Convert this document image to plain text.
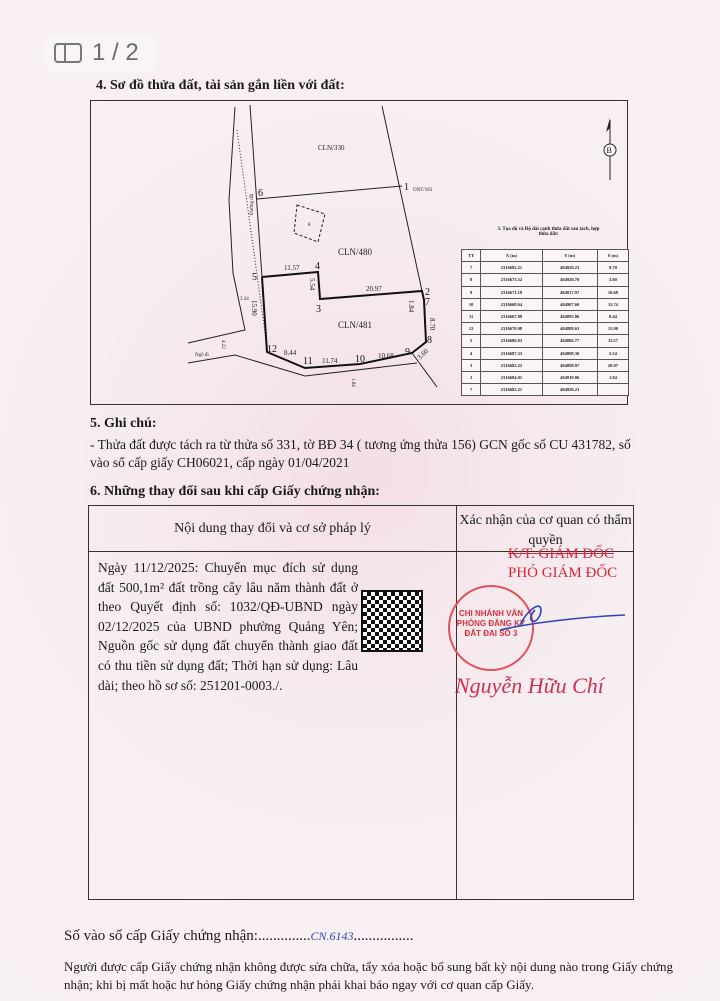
1 / 2
4. Sơ đồ thửa đất, tài sản gắn liền với đất:
6
1
4
5
3
2
7
8
9
10
11
12
CLN/330
CLN/480
CLN/481
ONT/183
8
Đường đất
Ngõ đi
11.57
5.54	20.97
1.84
8.70
3.60
10.68
11.74
8.44
15.90
3.34
4.22
1.84
B
3. Tọa độ và Độ dài cạnh thửa đất sau tách, hợp thửa đất:
TT	X (m)	Y (m)	S (m)
7	2316682.21	404920.23	8.70
8	2316673.52	404920.70	3.60
9	2316671.18	404917.97	10.68
10	2316668.64	404907.60	11.74
11	2316667.88	404895.86	8.44
12	2316670.98	404888.63	15.90
5	2316686.83	404886.77	11.57
4	2316687.33	404898.30	5.54
3	2316682.22	404898.97	20.97
2	2316684.01	404919.86	1.84
7	2316682.21	404920.23	
5. Ghi chú:
- Thửa đất được tách ra từ thửa số 331, tờ BĐ 34 ( tương ứng thửa 156) GCN gốc số CU 431782, số vào sổ cấp giấy CH06021, cấp ngày 01/04/2021
6. Những thay đổi sau khi cấp Giấy chứng nhận:
Nội dung thay đổi và cơ sở pháp lý
Xác nhận của cơ quan có thẩm quyền
Ngày 11/12/2025: Chuyển mục đích sử dụng đất 500,1m² đất trồng cây lâu năm thành đất ở theo Quyết định số: 1032/QĐ-UBND ngày 02/12/2025 của UBND phường Quảng Yên; Nguồn gốc sử dụng đất chuyển thành giao đất có thu tiền sử dụng đất; Thời hạn sử dụng: Lâu dài; theo hồ sơ số: 251201-0003./.
K/T. GIÁM ĐỐC
PHÓ GIÁM ĐỐC
CHI NHÁNH VĂN PHÒNG ĐĂNG KÝ ĐẤT ĐAI SỐ 3
Nguyễn Hữu Chí
Số vào sổ cấp Giấy chứng nhận:..............CN.6143................
Người được cấp Giấy chứng nhận không được sửa chữa, tẩy xóa hoặc bổ sung bất kỳ nội dung nào trong Giấy chứng nhận; khi bị mất hoặc hư hỏng Giấy chứng nhận phải khai báo ngay với cơ quan cấp Giấy.
